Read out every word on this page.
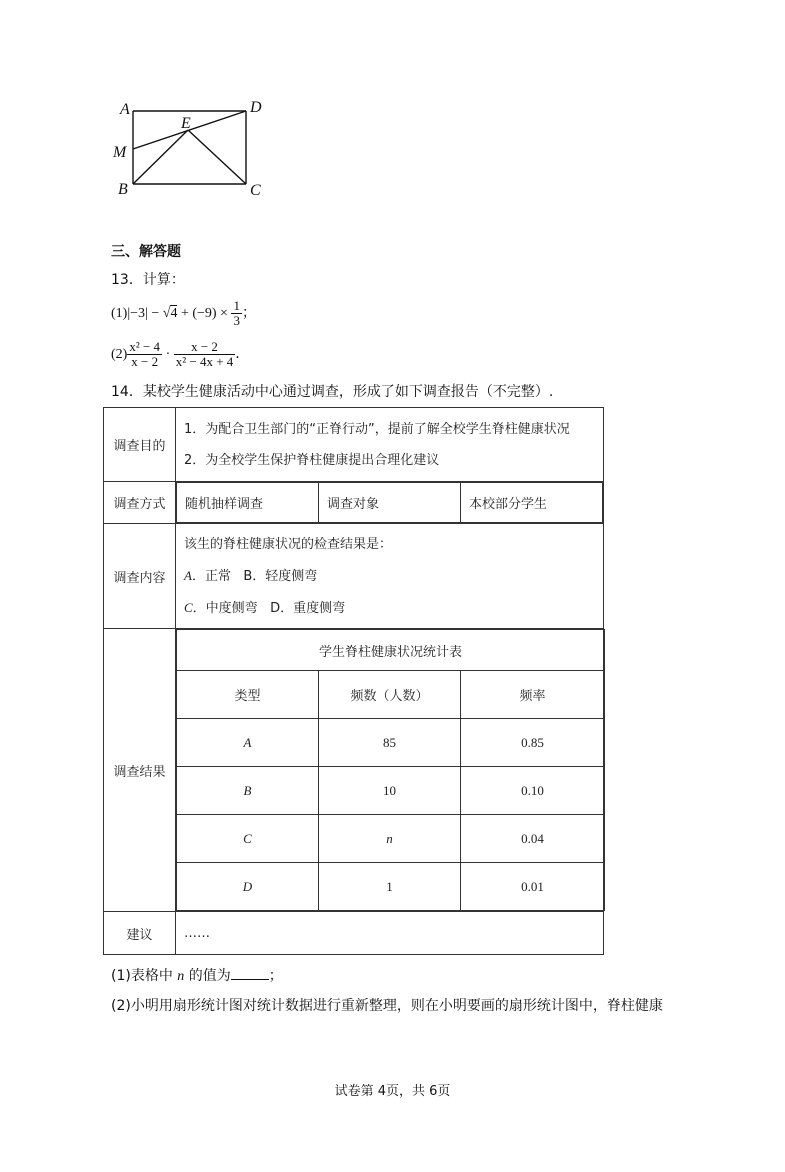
A	D
E
M
B	C
三、解答题
13．计算：
$(1)|-3| - √4 + (-9) \times \frac{1}{3}$ ；
$(2) \frac{\text{x² − 4}}{x - 2} \cdot \frac{x - 2}{\text{x² − 4x + 4}}$ ．
14．某校学生健康活动中心通过调查，形成了如下调查报告（不完整）.
调查目的	
1．为配合卫生部门的“正脊行动”，提前了解全校学生脊柱健康状况
2．为全校学生保护脊柱健康提出合理化建议

调查方式	随机抽样调查	调查对象	本校部分学生

调查内容	
该生的脊柱健康状况的检查结果是：
A．正常 B．轻度侧弯
C．中度侧弯 D．重度侧弯

调查结果	
学生脊柱健康状况统计表
类型	频数（人数）	频率
A	85	0.85
B	10	0.10
C	n	0.04
D	1	0.01

建议	……
(1)表格中 n 的值为	；
(2)小明用扇形统计图对统计数据进行重新整理，则在小明要画的扇形统计图中，脊柱健康
试卷第 4页，共 6页
